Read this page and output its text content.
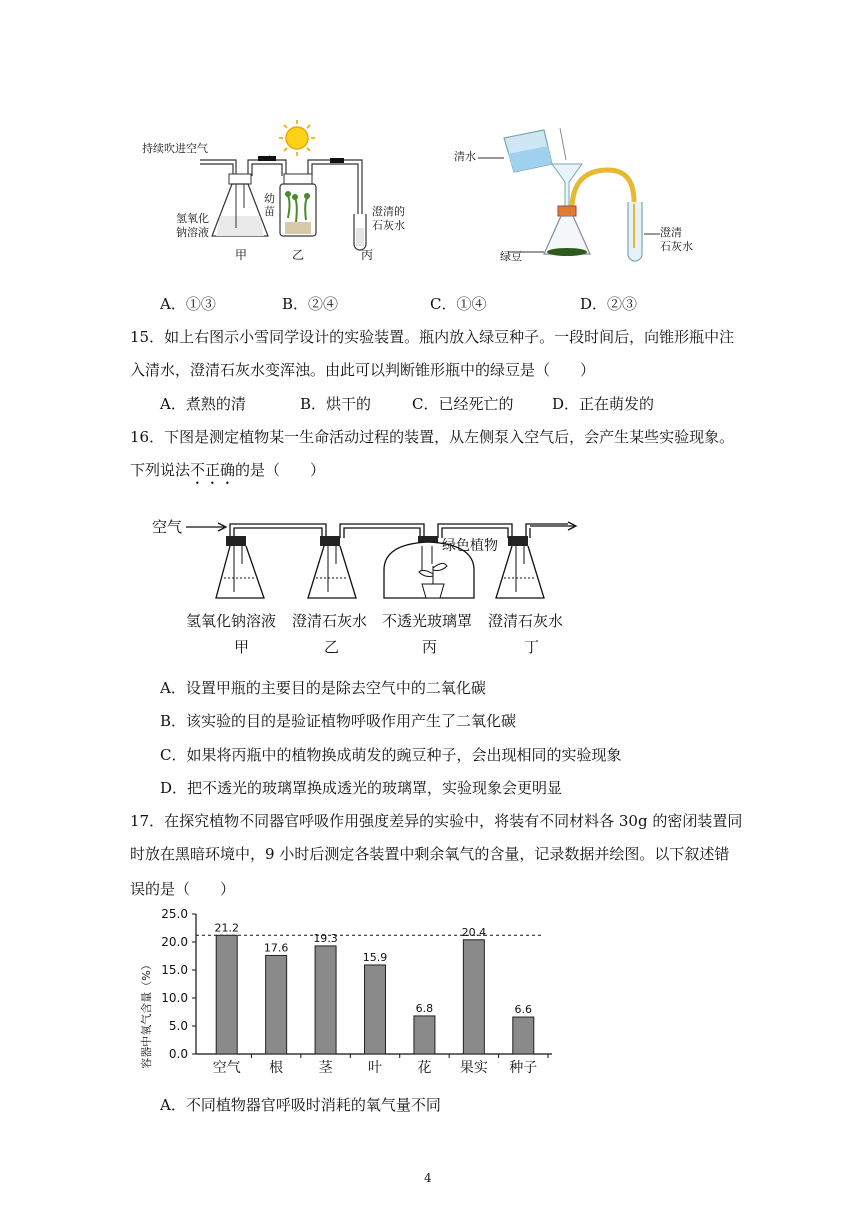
持续吹进空气
氢氧化
钠溶液
幼
苗	澄清的
石灰水
甲	乙	丙
清水
绿豆
澄清
石灰水
A．①③	B．②④	C．①④	D．②③
15．如上右图示小雪同学设计的实验装置。瓶内放入绿豆种子。一段时间后，向锥形瓶中注
入清水，澄清石灰水变浑浊。由此可以判断锥形瓶中的绿豆是（　　）
A．煮熟的清	B．烘干的	C．已经死亡的	D．正在萌发的
16．下图是测定植物某一生命活动过程的装置，从左侧泵入空气后，会产生某些实验现象。
下列说法不正确的是（　　）
空气
绿色植物
氢氧化钠溶液 澄清石灰水 不透光玻璃罩 澄清石灰水
甲	乙	丙	丁
A．设置甲瓶的主要目的是除去空气中的二氧化碳
B．该实验的目的是验证植物呼吸作用产生了二氧化碳
C．如果将丙瓶中的植物换成萌发的豌豆种子，会出现相同的实验现象
D．把不透光的玻璃罩换成透光的玻璃罩，实验现象会更明显
17．在探究植物不同器官呼吸作用强度差异的实验中，将装有不同材料各 30g 的密闭装置同
时放在黑暗环境中，9 小时后测定各装置中剩余氧气的含量，记录数据并绘图。以下叙述错
误的是（　　）
容器中氧气含量（%） 0.0
5.0
10.0
15.0
20.0
25.0
21.2
空气
17.6
根
19.3
茎
15.9
叶
6.8
花
20.4
果实
6.6
种子
A．不同植物器官呼吸时消耗的氧气量不同
4
